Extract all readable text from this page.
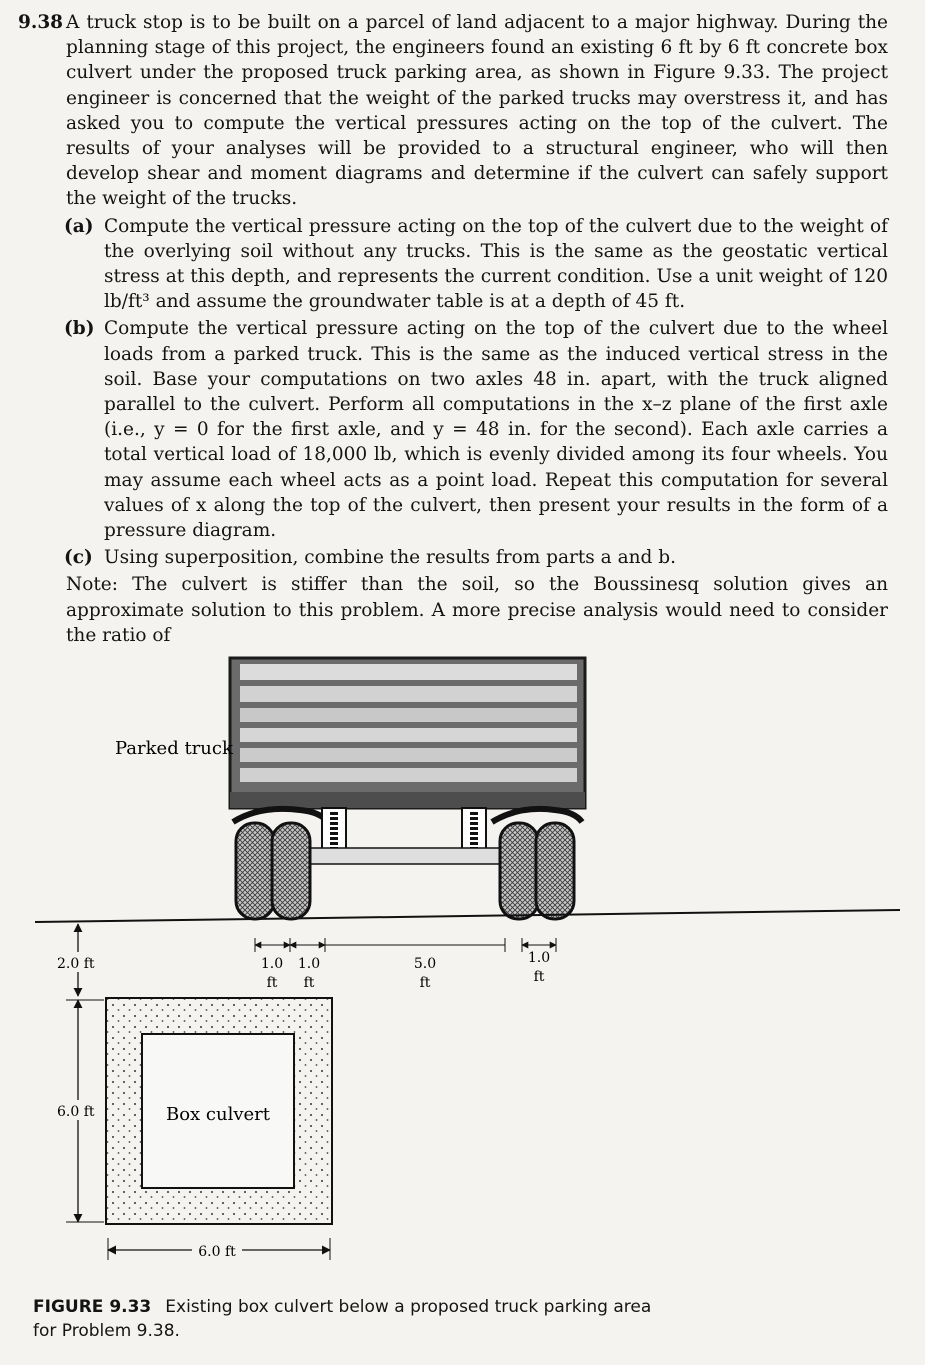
9.38 A truck stop is to be built on a parcel of land adjacent to a major highway. During the planning stage of this project, the engineers found an existing 6 ft by 6 ft concrete box culvert under the proposed truck parking area, as shown in Figure 9.33. The project engineer is concerned that the weight of the parked trucks may overstress it, and has asked you to compute the vertical pressures acting on the top of the culvert. The results of your analyses will be provided to a structural engineer, who will then develop shear and moment diagrams and determine if the culvert can safely support the weight of the trucks.
(a) Compute the vertical pressure acting on the top of the culvert due to the weight of the overlying soil without any trucks. This is the same as the geostatic vertical stress at this depth, and represents the current condition. Use a unit weight of 120 lb/ft³ and assume the groundwater table is at a depth of 45 ft.
(b) Compute the vertical pressure acting on the top of the culvert due to the wheel loads from a parked truck. This is the same as the induced vertical stress in the soil. Base your computations on two axles 48 in. apart, with the truck aligned parallel to the culvert. Perform all computations in the x–z plane of the first axle (i.e., y = 0 for the first axle, and y = 48 in. for the second). Each axle carries a total vertical load of 18,000 lb, which is evenly divided among its four wheels. You may assume each wheel acts as a point load. Repeat this computation for several values of x along the top of the culvert, then present your results in the form of a pressure diagram.
(c) Using superposition, combine the results from parts a and b.
Note: The culvert is stiffer than the soil, so the Boussinesq solution gives an approximate solution to this problem. A more precise analysis would need to consider the ratio of
Parked truck
2.0 ft
6.0 ft	Box culvert
6.0 ft
1.0
ft
1.0
ft
5.0
ft
1.0
ft
FIGURE 9.33 Existing box culvert below a proposed truck parking area for Problem 9.38.
